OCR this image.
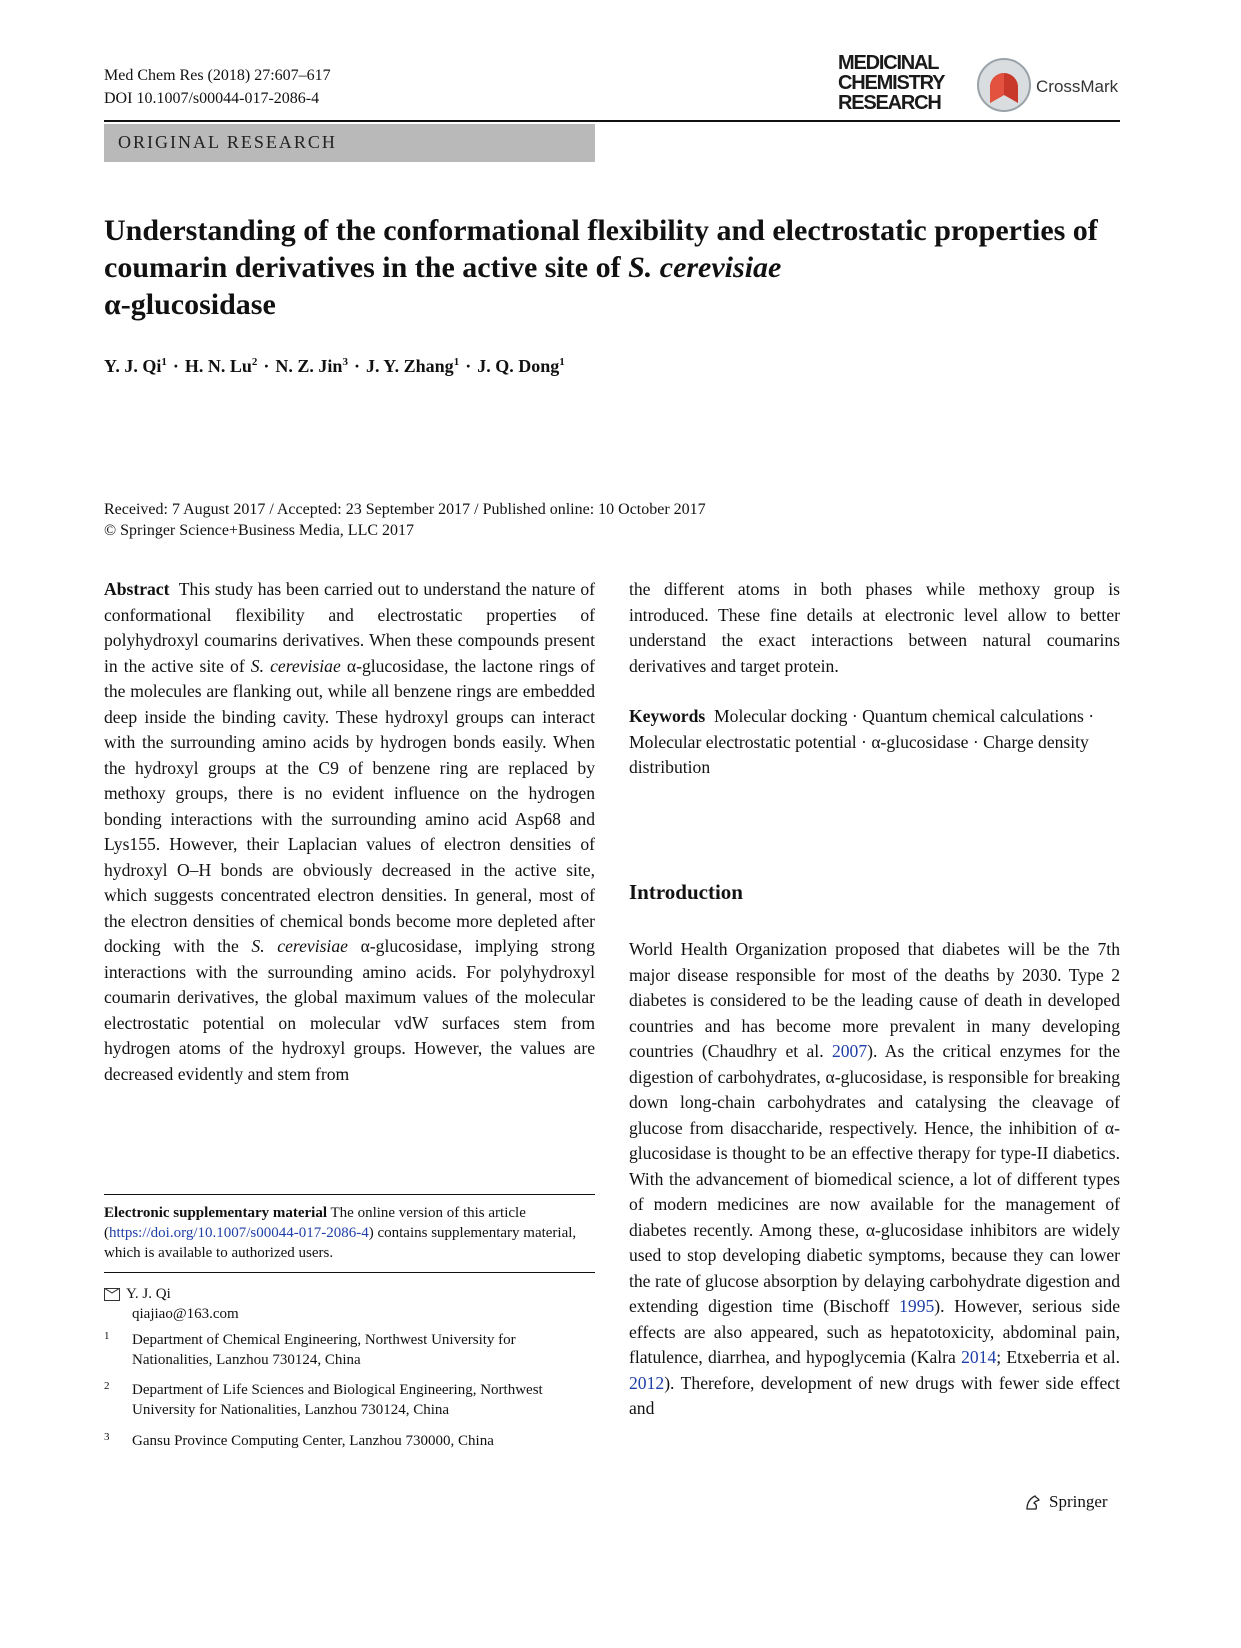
Med Chem Res (2018) 27:607–617
DOI 10.1007/s00044-017-2086-4
MEDICINAL
CHEMISTRY
RESEARCH
CrossMark
ORIGINAL RESEARCH
Understanding of the conformational flexibility and electrostatic properties of coumarin derivatives in the active site of S. cerevisiae
α-glucosidase
Y. J. $Qi^1 \cdot H$. N. $Lu^2 \cdot N$. Z. Jin$^3$ · J. Y. Zhang$^1$ · J. Q. Dong$^1$
Received: 7 August 2017 / Accepted: 23 September 2017 / Published online: 10 October 2017
© Springer Science+Business Media, LLC 2017

Abstract This study has been carried out to understand the nature of conformational flexibility and electrostatic properties of polyhydroxyl coumarins derivatives. When these compounds present in the active site of S. cerevisiae α-glucosidase, the lactone rings of the molecules are flanking out, while all benzene rings are embedded deep inside the binding cavity. These hydroxyl groups can interact with the surrounding amino acids by hydrogen bonds easily. When the hydroxyl groups at the C9 of benzene ring are replaced by methoxy groups, there is no evident influence on the hydrogen bonding interactions with the surrounding amino acid Asp68 and Lys155. However, their Laplacian values of electron densities of hydroxyl O–H bonds are obviously decreased in the active site, which suggests concentrated electron densities. In general, most of the electron densities of chemical bonds become more depleted after docking with the S. cerevisiae α-glucosidase, implying strong interactions with the surrounding amino acids. For polyhydroxyl coumarin derivatives, the global maximum values of the molecular electrostatic potential on molecular vdW surfaces stem from hydrogen atoms of the hydroxyl groups. However, the values are decreased evidently and stem from

the different atoms in both phases while methoxy group is introduced. These fine details at electronic level allow to better understand the exact interactions between natural coumarins derivatives and target protein.

Keywords Molecular docking · Quantum chemical calculations · Molecular electrostatic potential · α-glucosidase · Charge density distribution

Introduction

World Health Organization proposed that diabetes will be the 7th major disease responsible for most of the deaths by 2030. Type 2 diabetes is considered to be the leading cause of death in developed countries and has become more prevalent in many developing countries (Chaudhry et al. 2007). As the critical enzymes for the digestion of carbohydrates, α-glucosidase, is responsible for breaking down long-chain carbohydrates and catalysing the cleavage of glucose from disaccharide, respectively. Hence, the inhibition of α-glucosidase is thought to be an effective therapy for type-II diabetics. With the advancement of biomedical science, a lot of different types of modern medicines are now available for the management of diabetes recently. Among these, α-glucosidase inhibitors are widely used to stop developing diabetic symptoms, because they can lower the rate of glucose absorption by delaying carbohydrate digestion and extending digestion time (Bischoff 1995). However, serious side effects are also appeared, such as hepatotoxicity, abdominal pain, flatulence, diarrhea, and hypoglycemia (Kalra 2014; Etxeberria et al. 2012). Therefore, development of new drugs with fewer side effect and

Electronic supplementary material The online version of this article (https://doi.org/10.1007/s00044-017-2086-4) contains supplementary material, which is available to authorized users.

Y. J. Qi
qiajiao@163.com
1	Department of Chemical Engineering, Northwest University for Nationalities, Lanzhou 730124, China
2	Department of Life Sciences and Biological Engineering, Northwest University for Nationalities, Lanzhou 730124, China
3	Gansu Province Computing Center, Lanzhou 730000, China
Springer
